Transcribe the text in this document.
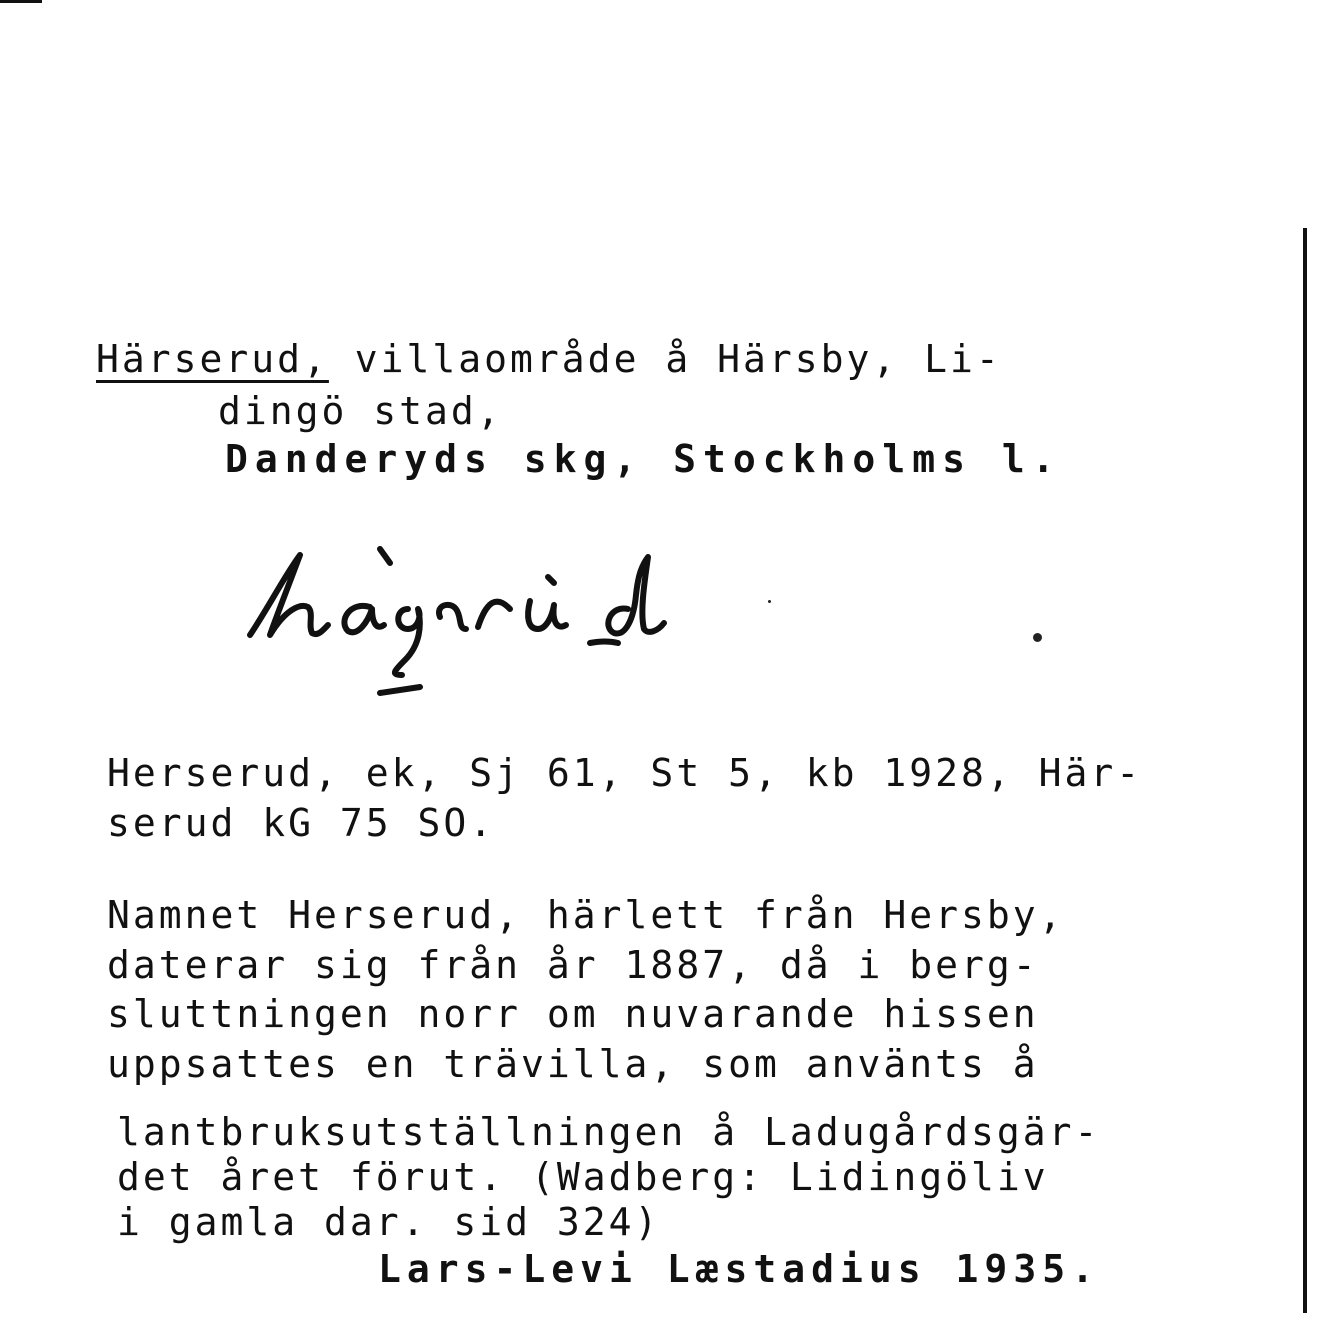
Härserud, villaområde å Härsby, Li-
dingö stad,
Danderyds skg, Stockholms l.
Herserud, ek, Sj 61, St 5, kb 1928, Här-
serud kG 75 SO.
Namnet Herserud, härlett från Hersby,
daterar sig från år 1887, då i berg-
sluttningen norr om nuvarande hissen
uppsattes en trävilla, som använts å
lantbruksutställningen å Ladugårdsgär-
det året förut. (Wadberg: Lidingöliv
i gamla dar. sid 324)
Lars-Levi Læstadius 1935.
